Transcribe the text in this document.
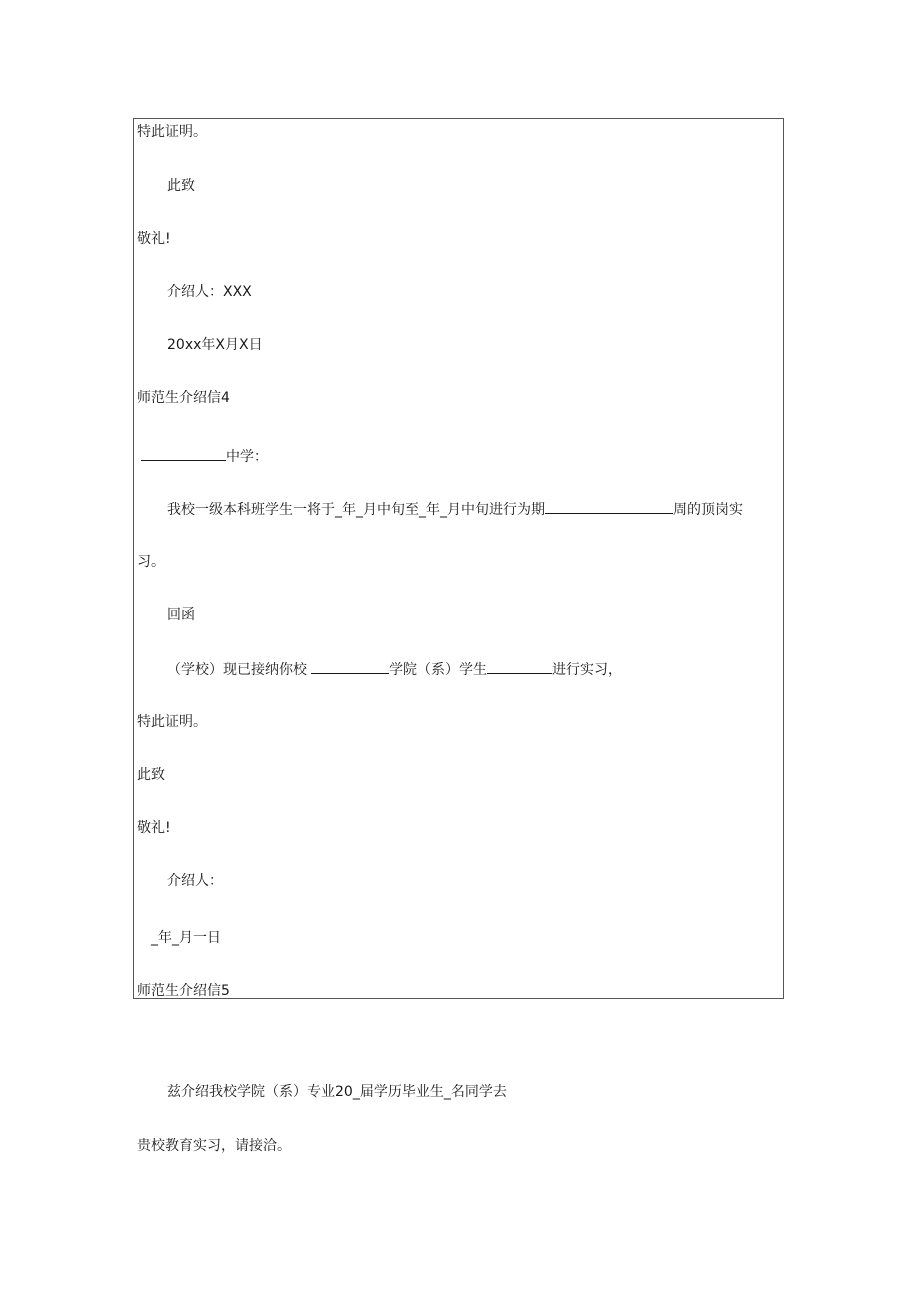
特此证明。
此致
敬礼!
介绍人：XXX
20xx年X月X日
师范生介绍信4
中学：
我校一级本科班学生一将于_年_月中旬至_年_月中旬进行为期	周的顶岗实
习。
回函
（学校）现已接纳你校	学院（系）学生	进行实习，
特此证明。
此致
敬礼!
介绍人：
_年_月一日
师范生介绍信5
兹介绍我校学院（系）专业20_届学历毕业生_名同学去
贵校教育实习，请接洽。
